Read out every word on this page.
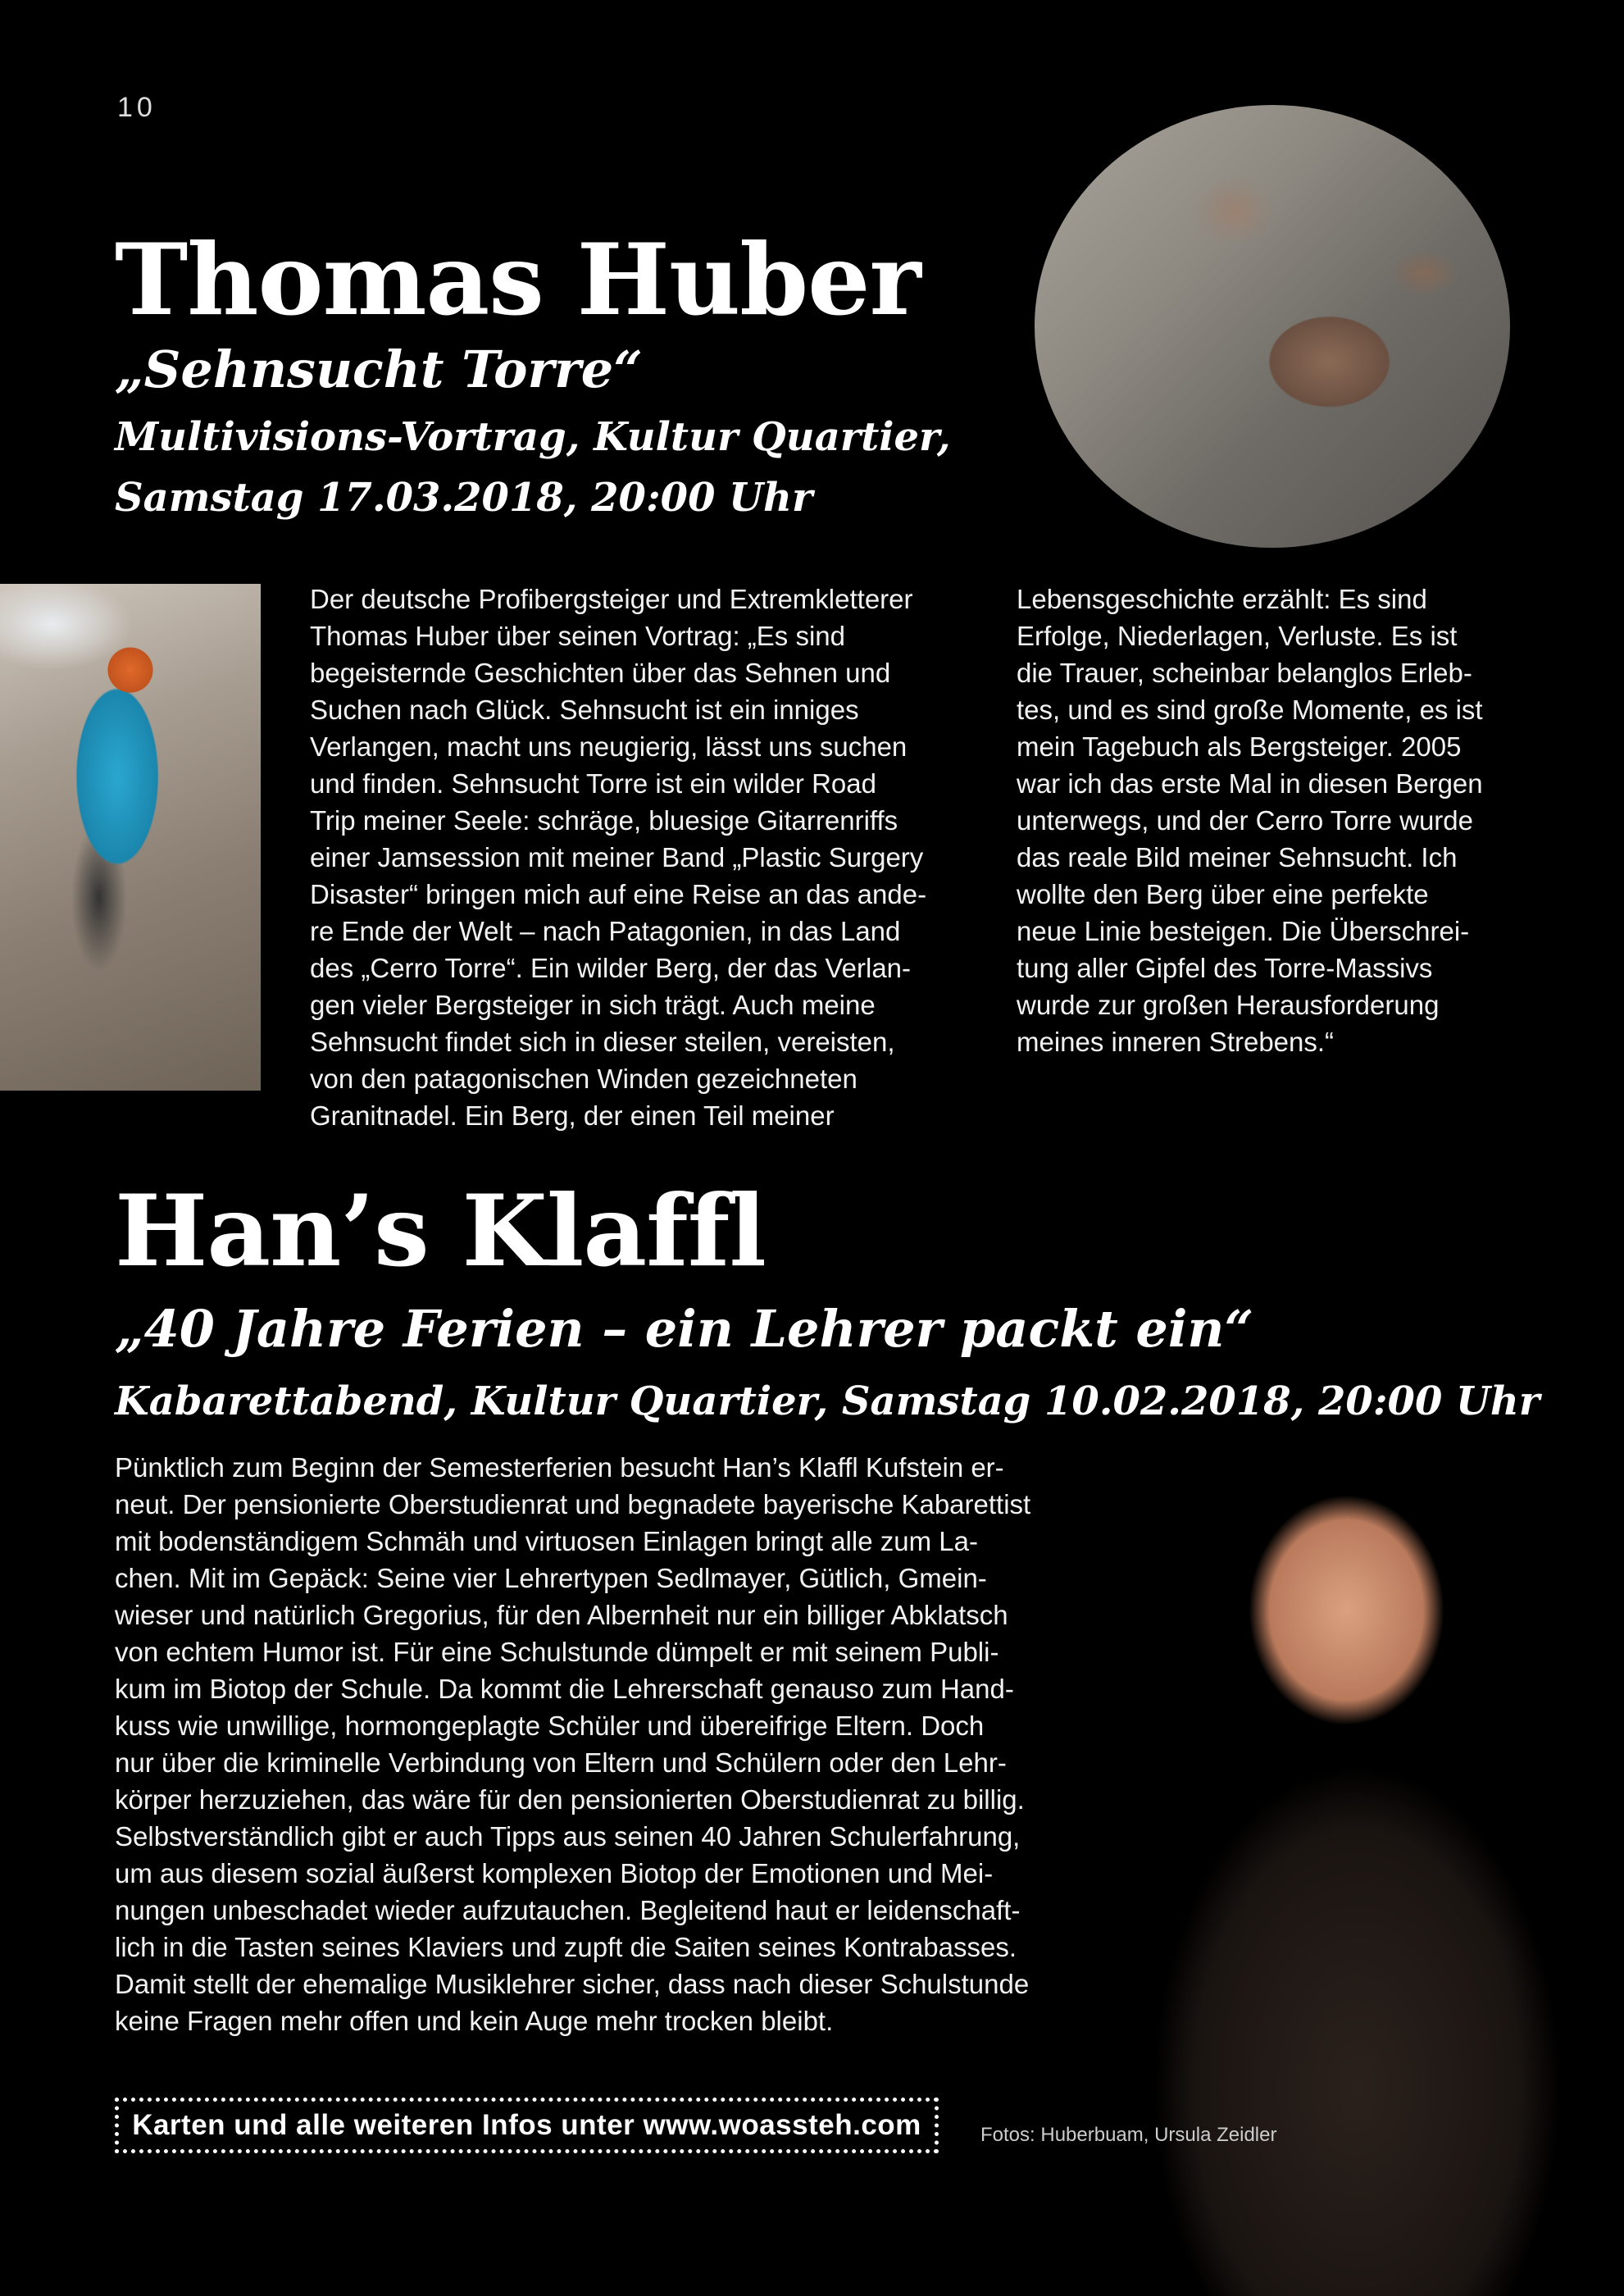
10
Thomas Huber
„Sehnsucht Torre“

Multivisions-Vortrag, Kultur Quartier,

Samstag 17.03.2018, 20:00 Uhr

Der deutsche Profibergsteiger und Extremkletterer

Thomas Huber über seinen Vortrag: „Es sind

begeisternde Geschichten über das Sehnen und

Suchen nach Glück. Sehnsucht ist ein inniges

Verlangen, macht uns neugierig, lässt uns suchen

und finden. Sehnsucht Torre ist ein wilder Road

Trip meiner Seele: schräge, bluesige Gitarrenriffs

einer Jamsession mit meiner Band „Plastic Surgery

Disaster“ bringen mich auf eine Reise an das ande-

re Ende der Welt – nach Patagonien, in das Land

des „Cerro Torre“. Ein wilder Berg, der das Verlan-

gen vieler Bergsteiger in sich trägt. Auch meine

Sehnsucht findet sich in dieser steilen, vereisten,

von den patagonischen Winden gezeichneten

Granitnadel. Ein Berg, der einen Teil meiner

Lebensgeschichte erzählt: Es sind

Erfolge, Niederlagen, Verluste. Es ist

die Trauer, scheinbar belanglos Erleb-

tes, und es sind große Momente, es ist

mein Tagebuch als Bergsteiger. 2005

war ich das erste Mal in diesen Bergen

unterwegs, und der Cerro Torre wurde

das reale Bild meiner Sehnsucht. Ich

wollte den Berg über eine perfekte

neue Linie besteigen. Die Überschrei-

tung aller Gipfel des Torre-Massivs

wurde zur großen Herausforderung

meines inneren Strebens.“

Han’s Klaffl
„40 Jahre Ferien – ein Lehrer packt ein“

Kabarettabend, Kultur Quartier, Samstag 10.02.2018, 20:00 Uhr

Pünktlich zum Beginn der Semesterferien besucht Han’s Klaffl Kufstein er-

neut. Der pensionierte Oberstudienrat und begnadete bayerische Kabarettist

mit bodenständigem Schmäh und virtuosen Einlagen bringt alle zum La-

chen. Mit im Gepäck: Seine vier Lehrertypen Sedlmayer, Gütlich, Gmein-

wieser und natürlich Gregorius, für den Albernheit nur ein billiger Abklatsch

von echtem Humor ist. Für eine Schulstunde dümpelt er mit seinem Publi-

kum im Biotop der Schule. Da kommt die Lehrerschaft genauso zum Hand-

kuss wie unwillige, hormongeplagte Schüler und übereifrige Eltern. Doch

nur über die kriminelle Verbindung von Eltern und Schülern oder den Lehr-

körper herzuziehen, das wäre für den pensionierten Oberstudienrat zu billig.

Selbstverständlich gibt er auch Tipps aus seinen 40 Jahren Schulerfahrung,

um aus diesem sozial äußerst komplexen Biotop der Emotionen und Mei-

nungen unbeschadet wieder aufzutauchen. Begleitend haut er leidenschaft-

lich in die Tasten seines Klaviers und zupft die Saiten seines Kontrabasses.

Damit stellt der ehemalige Musiklehrer sicher, dass nach dieser Schulstunde

keine Fragen mehr offen und kein Auge mehr trocken bleibt.

Karten und alle weiteren Infos unter www.woassteh.com	Fotos: Huberbuam, Ursula Zeidler
